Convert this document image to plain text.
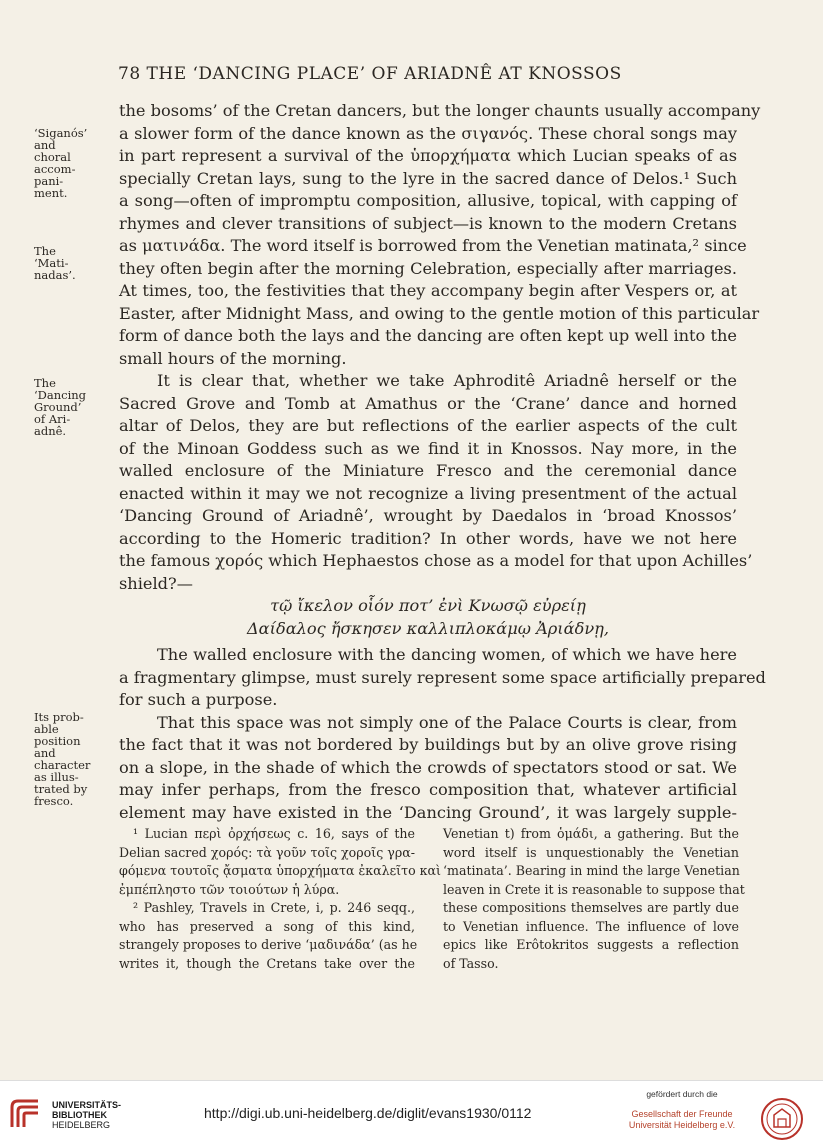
78 THE ‘DANCING PLACE’ OF ARIADNÊ AT KNOSSOS
‘Siganós’
and
choral
accom-
pani-
ment.
The
‘Mati-
nadas’.
The
‘Dancing
Ground’
of Ari-
adnê.
Its prob-
able
position
and
character
as illus-
trated by
fresco.
the bosoms’ of the Cretan dancers, but the longer chaunts usually accompany
a slower form of the dance known as the σιγανός. These choral songs may
in part represent a survival of the ὑπορχήματα which Lucian speaks of as
specially Cretan lays, sung to the lyre in the sacred dance of Delos.¹ Such
a song—often of impromptu composition, allusive, topical, with capping of
rhymes and clever transitions of subject—is known to the modern Cretans
as ματινάδα. The word itself is borrowed from the Venetian matinata,² since
they often begin after the morning Celebration, especially after marriages.
At times, too, the festivities that they accompany begin after Vespers or, at
Easter, after Midnight Mass, and owing to the gentle motion of this particular
form of dance both the lays and the dancing are often kept up well into the
small hours of the morning.
It is clear that, whether we take Aphroditê Ariadnê herself or the
Sacred Grove and Tomb at Amathus or the ‘Crane’ dance and horned
altar of Delos, they are but reflections of the earlier aspects of the cult
of the Minoan Goddess such as we find it in Knossos. Nay more, in the
walled enclosure of the Miniature Fresco and the ceremonial dance
enacted within it may we not recognize a living presentment of the actual
‘Dancing Ground of Ariadnê’, wrought by Daedalos in ‘broad Knossos’
according to the Homeric tradition? In other words, have we not here
the famous χορός which Hephaestos chose as a model for that upon Achilles’
shield?—
τῷ ἴκελον οἷόν ποτ’ ἐνὶ Κνωσῷ εὐρείῃ
Δαίδαλος ἤσκησεν καλλιπλοκάμῳ Ἀριάδνῃ,
The walled enclosure with the dancing women, of which we have here
a fragmentary glimpse, must surely represent some space artificially prepared
for such a purpose.
That this space was not simply one of the Palace Courts is clear, from
the fact that it was not bordered by buildings but by an olive grove rising
on a slope, in the shade of which the crowds of spectators stood or sat. We
may infer perhaps, from the fresco composition that, whatever artificial
element may have existed in the ‘Dancing Ground’, it was largely supple-
¹ Lucian περὶ ὀρχήσεως c. 16, says of the
Delian sacred χορός: τὰ γοῦν τοῖς χοροῖς γρα-
φόμενα τουτοῖς ᾄσματα ὑπορχήματα ἐκαλεῖτο καὶ
ἐμπέπληστο τῶν τοιούτων ἡ λύρα.
² Pashley, Travels in Crete, i, p. 246 seqq.,
who has preserved a song of this kind,
strangely proposes to derive ‘μαδινάδα’ (as he
writes it, though the Cretans take over the
Venetian t) from ὁμάδι, a gathering. But the
word itself is unquestionably the Venetian
‘matinata’. Bearing in mind the large Venetian
leaven in Crete it is reasonable to suppose that
these compositions themselves are partly due
to Venetian influence. The influence of love
epics like Erôtokritos suggests a reflection
of Tasso.
UNIVERSITÄTS-
BIBLIOTHEK
HEIDELBERG
http://digi.ub.uni-heidelberg.de/diglit/evans1930/0112
gefördert durch die
Gesellschaft der Freunde
Universität Heidelberg e.V.
